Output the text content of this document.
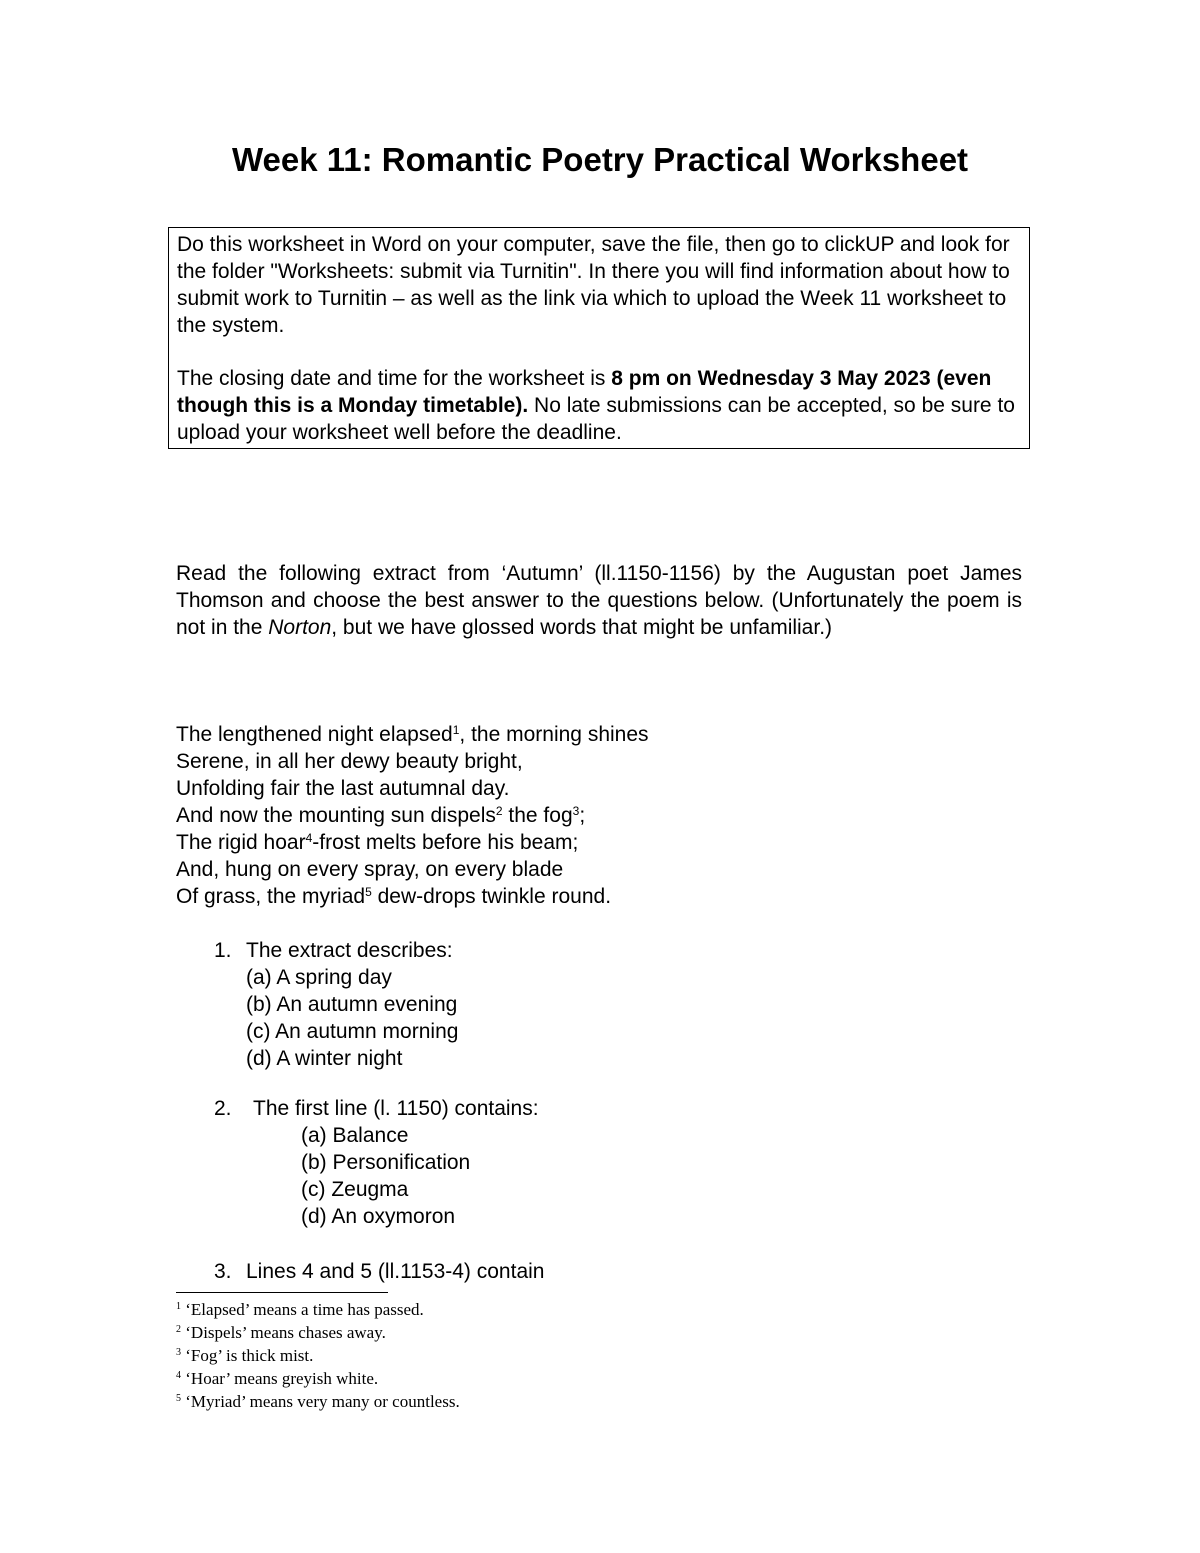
Week 11: Romantic Poetry Practical Worksheet

Do this worksheet in Word on your computer, save the file, then go to clickUP and look for the folder "Worksheets: submit via Turnitin". In there you will find information about how to submit work to Turnitin – as well as the link via which to upload the Week 11 worksheet to the system.

The closing date and time for the worksheet is 8 pm on Wednesday 3 May 2023 (even though this is a Monday timetable). No late submissions can be accepted, so be sure to upload your worksheet well before the deadline.

Read the following extract from ‘Autumn’ (ll.1150-1156) by the Augustan poet James Thomson and choose the best answer to the questions below. (Unfortunately the poem is not in the Norton, but we have glossed words that might be unfamiliar.)

The lengthened night elapsed$^1$, the morning shines
Serene, in all her dewy beauty bright,
Unfolding fair the last autumnal day.
And now the mounting sun dispels$^2$ the fog$^3$;
The rigid hoar$^4$-frost melts before his beam;
And, hung on every spray, on every blade
Of grass, the myriad$^5$ dew-drops twinkle round.
1. The extract describes:
(a) A spring day
(b) An autumn evening
(c) An autumn morning
(d) A winter night
2. The first line (l. 1150) contains:
(a) Balance
(b) Personification
(c) Zeugma
(d) An oxymoron
3. Lines 4 and 5 (ll.1153-4) contain
$^1$ ‘Elapsed’ means a time has passed.
$^2$ ‘Dispels’ means chases away.
$^3$ ‘Fog’ is thick mist.
$^4$ ‘Hoar’ means greyish white.
$^5$ ‘Myriad’ means very many or countless.
